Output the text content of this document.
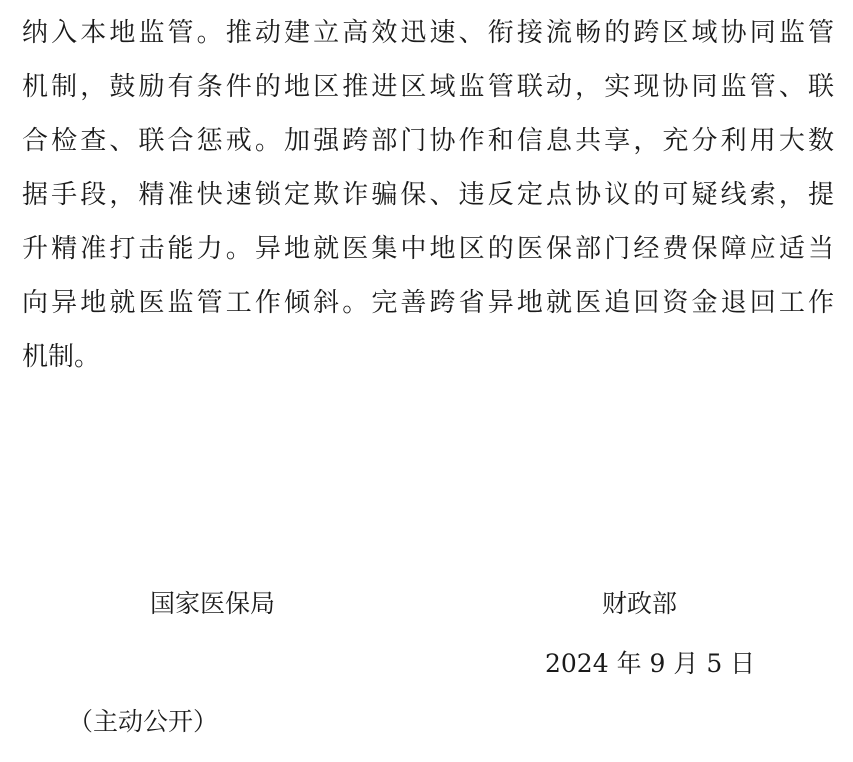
纳入本地监管。推动建立高效迅速、衔接流畅的跨区域协同监管
机制，鼓励有条件的地区推进区域监管联动，实现协同监管、联
合检查、联合惩戒。加强跨部门协作和信息共享，充分利用大数
据手段，精准快速锁定欺诈骗保、违反定点协议的可疑线索，提
升精准打击能力。异地就医集中地区的医保部门经费保障应适当
向异地就医监管工作倾斜。完善跨省异地就医追回资金退回工作
机制。
国家医保局	财政部
2024 年 9 月 5 日
（主动公开）
